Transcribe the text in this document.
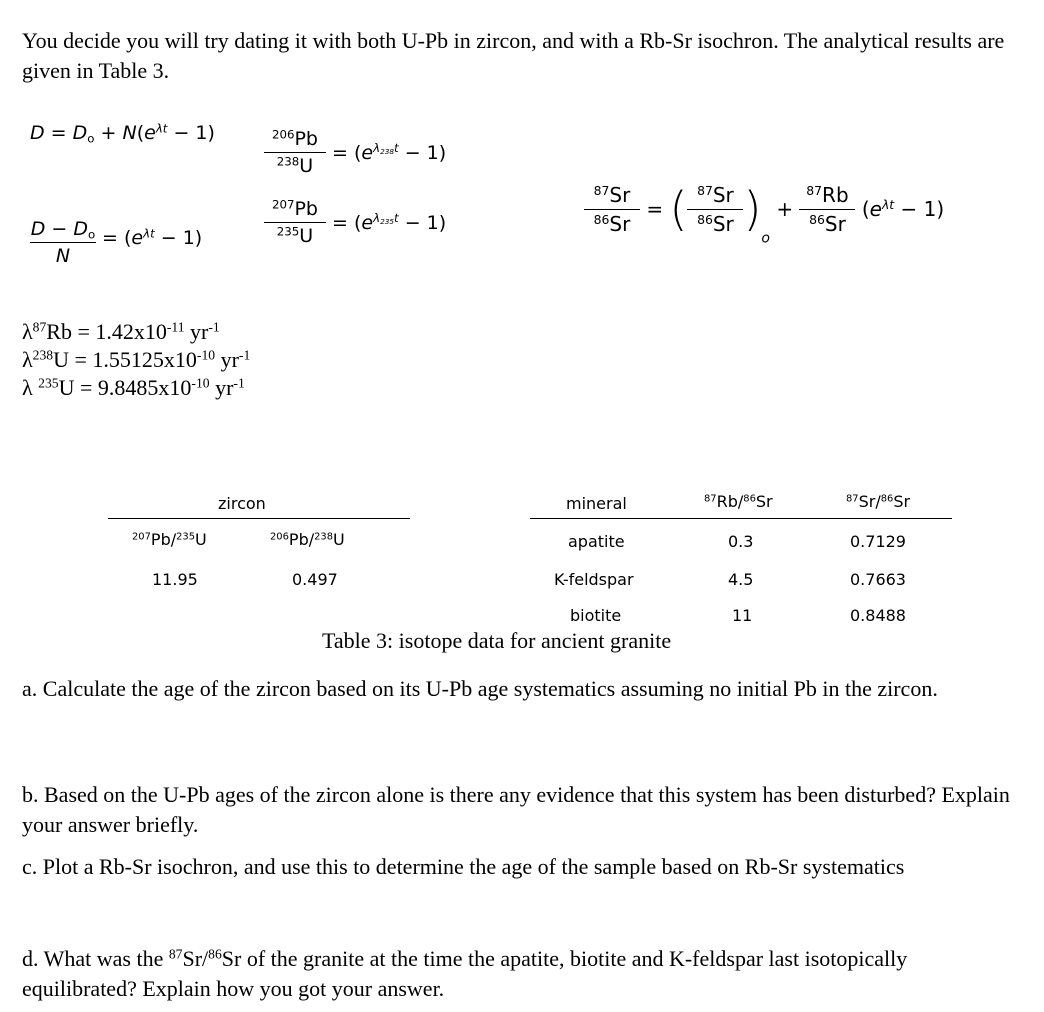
You decide you will try dating it with both U-Pb in zircon, and with a Rb-Sr isochron. The analytical results are given in Table 3.
$D = D_o + N(e^{\lambda t} - 1)$
$\frac{D - D_o}{N} = (e^{\lambda t} - 1)$
$\frac{^{206}Pb}{^{238}U} = (e^{\lambda_{238}t} - 1)$
$\frac{^{207}Pb}{^{235}U} = (e^{\lambda_{235}t} - 1)$	$\frac{^{87}Sr}{^{86}Sr}$ = ( $\frac{^{87}Sr}{^{86}Sr} )_o + \frac{^{87}Rb}{^{86}Sr} (e^{\lambda t} - 1)$
$\lambda^{87}Rb = 1.42x10^{-11}$ $yr^{-1}$
$\lambda^{238}U = 1.55125x10^{-10}$ $yr^{-1}$
λ $^{235}U = 9.8485x10^{-10}$ $yr^{-1}$
zircon
$^{207}$Pb/$^{235}$U	$^{206}$Pb/$^{238}$U
11.95	0.497
mineral	$^{87}$Rb/$^{86}$Sr	$^{87}$Sr/$^{86}$Sr
apatite	0.3	0.7129
K-feldspar	4.5	0.7663
biotite	11	0.8488
Table 3: isotope data for ancient granite
a. Calculate the age of the zircon based on its U-Pb age systematics assuming no initial Pb in the zircon.
b. Based on the U-Pb ages of the zircon alone is there any evidence that this system has been disturbed? Explain your answer briefly.
c. Plot a Rb-Sr isochron, and use this to determine the age of the sample based on Rb-Sr systematics
d. What was the $^{87}$Sr/$^{86}$Sr of the granite at the time the apatite, biotite and K-feldspar last isotopically equilibrated? Explain how you got your answer.
